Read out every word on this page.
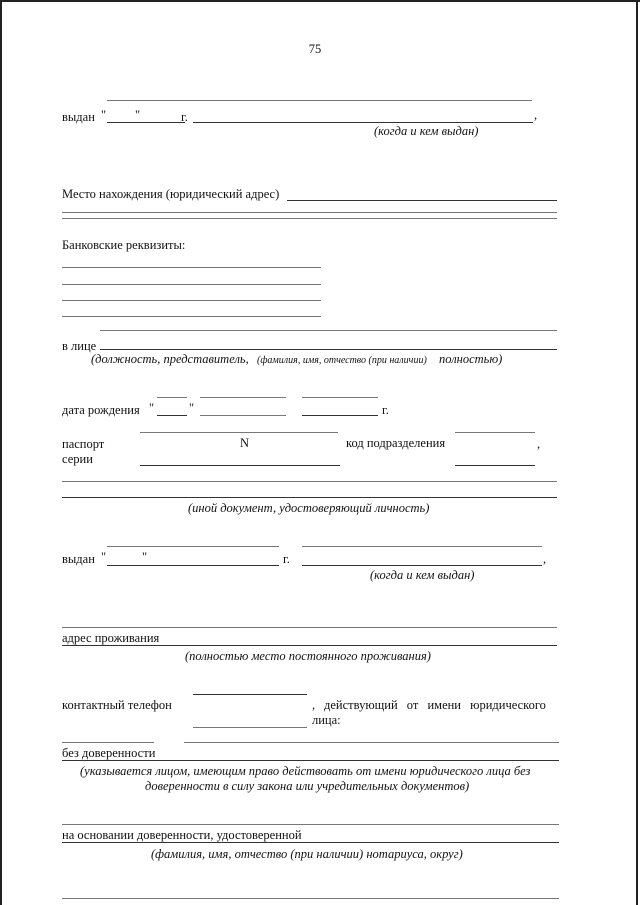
75
выдан " "	г.	,
(когда и кем выдан)
Место нахождения (юридический адрес)
Банковские реквизиты:
в лице
(должность, представитель, (фамилия, имя, отчество (при наличии) полностью)
дата рождения "	"	г.
паспорт	N	код подразделения	,
серии
(иной документ, удостоверяющий личность)
выдан "	"	г.	,
(когда и кем выдан)
адрес проживания
(полностью место постоянного проживания)
контактный телефон	, действующий от имени юридического
лица:
без доверенности
(указывается лицом, имеющим право действовать от имени юридического лица без
доверенности в силу закона или учредительных документов)
на основании доверенности, удостоверенной
(фамилия, имя, отчество (при наличии) нотариуса, округ)
